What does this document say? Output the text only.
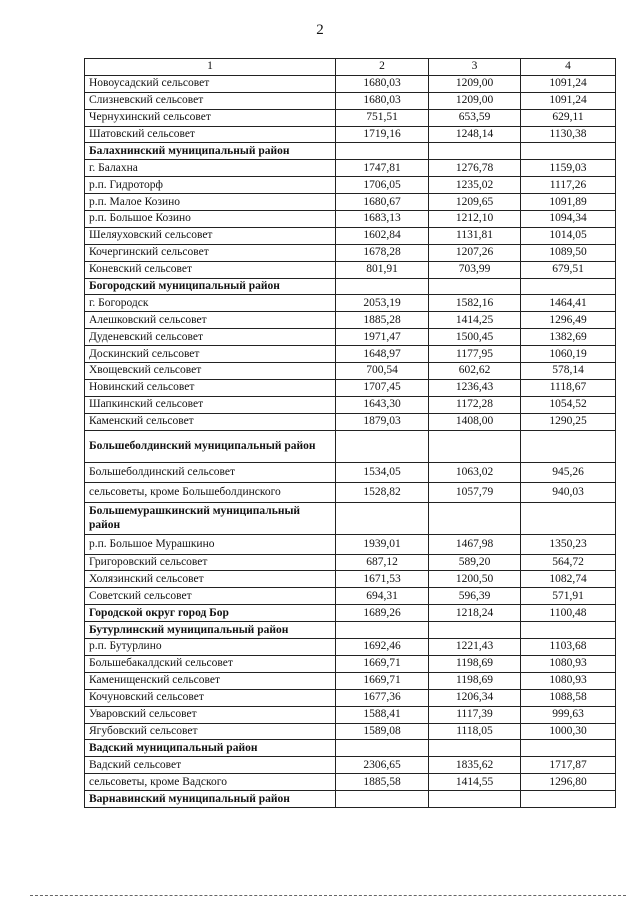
2
1	2	3	4
Новоусадский сельсовет	1680,03	1209,00	1091,24
Слизневский сельсовет	1680,03	1209,00	1091,24
Чернухинский сельсовет	751,51	653,59	629,11
Шатовский сельсовет	1719,16	1248,14	1130,38
Балахнинский муниципальный район			
г. Балахна	1747,81	1276,78	1159,03
р.п. Гидроторф	1706,05	1235,02	1117,26
р.п. Малое Козино	1680,67	1209,65	1091,89
р.п. Большое Козино	1683,13	1212,10	1094,34
Шеляуховский сельсовет	1602,84	1131,81	1014,05
Кочергинский сельсовет	1678,28	1207,26	1089,50
Коневский сельсовет	801,91	703,99	679,51
Богородский муниципальный район			
г. Богородск	2053,19	1582,16	1464,41
Алешковский сельсовет	1885,28	1414,25	1296,49
Дуденевский сельсовет	1971,47	1500,45	1382,69
Доскинский сельсовет	1648,97	1177,95	1060,19
Хвощевский сельсовет	700,54	602,62	578,14
Новинский сельсовет	1707,45	1236,43	1118,67
Шапкинский сельсовет	1643,30	1172,28	1054,52
Каменский сельсовет	1879,03	1408,00	1290,25
Большеболдинский муниципальный район			
Большеболдинский сельсовет	1534,05	1063,02	945,26
сельсоветы, кроме Большеболдинского	1528,82	1057,79	940,03
Большемурашкинский муниципальный район			
р.п. Большое Мурашкино	1939,01	1467,98	1350,23
Григоровский сельсовет	687,12	589,20	564,72
Холязинский сельсовет	1671,53	1200,50	1082,74
Советский сельсовет	694,31	596,39	571,91
Городской округ город Бор	1689,26	1218,24	1100,48
Бутурлинский муниципальный район			
р.п. Бутурлино	1692,46	1221,43	1103,68
Большебакалдский сельсовет	1669,71	1198,69	1080,93
Каменищенский сельсовет	1669,71	1198,69	1080,93
Кочуновский сельсовет	1677,36	1206,34	1088,58
Уваровский сельсовет	1588,41	1117,39	999,63
Ягубовский сельсовет	1589,08	1118,05	1000,30
Вадский муниципальный район			
Вадский сельсовет	2306,65	1835,62	1717,87
сельсоветы, кроме Вадского	1885,58	1414,55	1296,80
Варнавинский муниципальный район			
